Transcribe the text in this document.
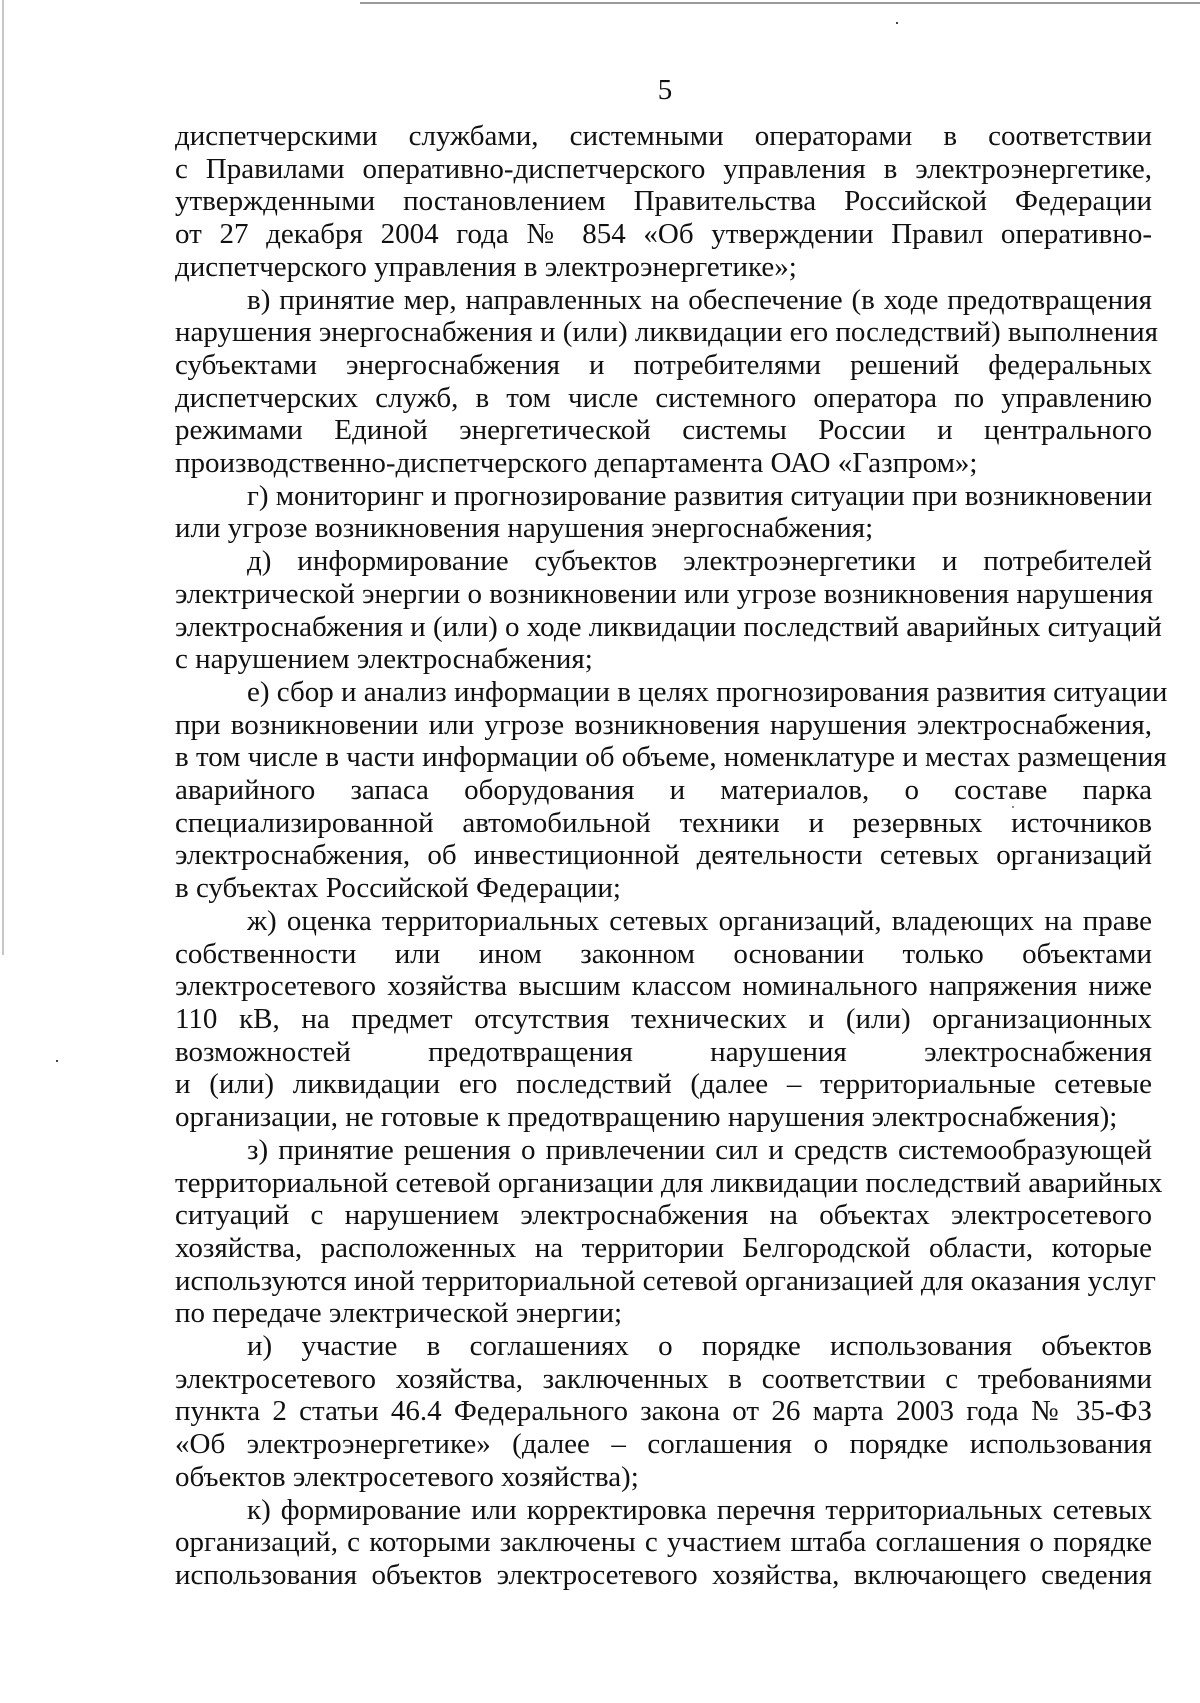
5
диспетчерскими службами, системными операторами в соответствии
с Правилами оперативно-диспетчерского управления в электроэнергетике,
утвержденными постановлением Правительства Российской Федерации
от 27 декабря 2004 года № 854 «Об утверждении Правил оперативно-
диспетчерского управления в электроэнергетике»;
в) принятие мер, направленных на обеспечение (в ходе предотвращения
нарушения энергоснабжения и (или) ликвидации его последствий) выполнения
субъектами энергоснабжения и потребителями решений федеральных
диспетчерских служб, в том числе системного оператора по управлению
режимами Единой энергетической системы России и центрального
производственно-диспетчерского департамента ОАО «Газпром»;
г) мониторинг и прогнозирование развития ситуации при возникновении
или угрозе возникновения нарушения энергоснабжения;
д) информирование субъектов электроэнергетики и потребителей
электрической энергии о возникновении или угрозе возникновения нарушения
электроснабжения и (или) о ходе ликвидации последствий аварийных ситуаций
с нарушением электроснабжения;
е) сбор и анализ информации в целях прогнозирования развития ситуации
при возникновении или угрозе возникновения нарушения электроснабжения,
в том числе в части информации об объеме, номенклатуре и местах размещения
аварийного запаса оборудования и материалов, о составе парка
специализированной автомобильной техники и резервных источников
электроснабжения, об инвестиционной деятельности сетевых организаций
в субъектах Российской Федерации;
ж) оценка территориальных сетевых организаций, владеющих на праве
собственности или ином законном основании только объектами
электросетевого хозяйства высшим классом номинального напряжения ниже
110 кВ, на предмет отсутствия технических и (или) организационных
возможностей предотвращения нарушения электроснабжения
и (или) ликвидации его последствий (далее – территориальные сетевые
организации, не готовые к предотвращению нарушения электроснабжения);
з) принятие решения о привлечении сил и средств системообразующей
территориальной сетевой организации для ликвидации последствий аварийных
ситуаций с нарушением электроснабжения на объектах электросетевого
хозяйства, расположенных на территории Белгородской области, которые
используются иной территориальной сетевой организацией для оказания услуг
по передаче электрической энергии;
и) участие в соглашениях о порядке использования объектов
электросетевого хозяйства, заключенных в соответствии с требованиями
пункта 2 статьи 46.4 Федерального закона от 26 марта 2003 года № 35-ФЗ
«Об электроэнергетике» (далее – соглашения о порядке использования
объектов электросетевого хозяйства);
к) формирование или корректировка перечня территориальных сетевых
организаций, с которыми заключены с участием штаба соглашения о порядке
использования объектов электросетевого хозяйства, включающего сведения
